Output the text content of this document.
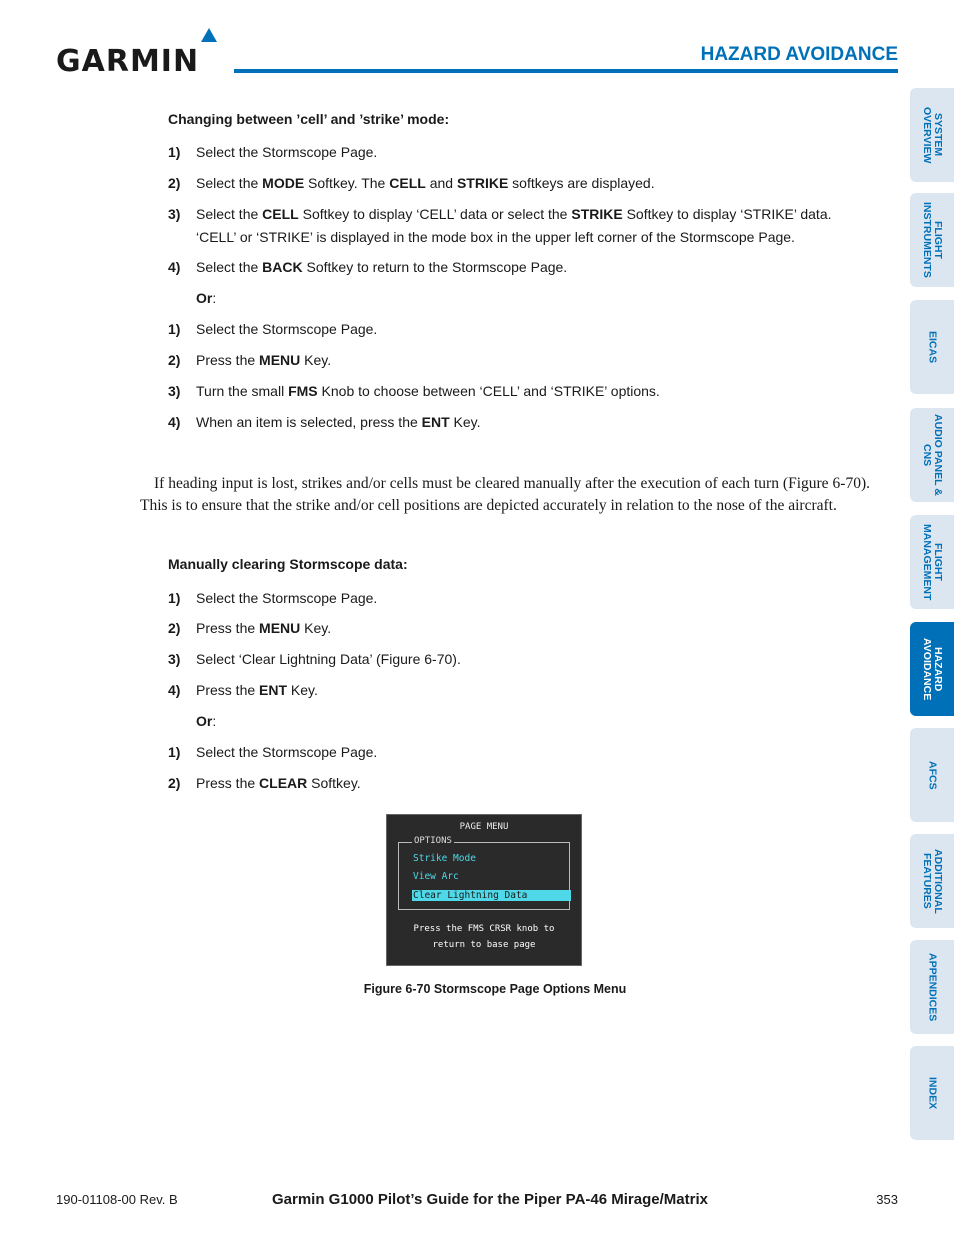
GARMIN	HAZARD AVOIDANCE
SYSTEM OVERVIEW
FLIGHT INSTRUMENTS
EICAS
AUDIO PANEL & CNS
FLIGHT MANAGEMENT
HAZARD AVOIDANCE
AFCS
ADDITIONAL FEATURES
APPENDICES
INDEX
Changing between ’cell’ and ’strike’ mode:
1) Select the Stormscope Page.
2) Select the MODE Softkey. The CELL and STRIKE softkeys are displayed.
3) Select the CELL Softkey to display ‘CELL’ data or select the STRIKE Softkey to display ‘STRIKE’ data. ‘CELL’ or ‘STRIKE’ is displayed in the mode box in the upper left corner of the Stormscope Page.
4) Select the BACK Softkey to return to the Stormscope Page.
Or:
1) Select the Stormscope Page.
2) Press the MENU Key.
3) Turn the small FMS Knob to choose between ‘CELL’ and ‘STRIKE’ options.
4) When an item is selected, press the ENT Key.
If heading input is lost, strikes and/or cells must be cleared manually after the execution of each turn (Figure 6-70). This is to ensure that the strike and/or cell positions are depicted accurately in relation to the nose of the aircraft.
Manually clearing Stormscope data:
1) Select the Stormscope Page.
2) Press the MENU Key.
3) Select ‘Clear Lightning Data’ (Figure 6-70).
4) Press the ENT Key.
Or:
1) Select the Stormscope Page.
2) Press the CLEAR Softkey.
PAGE MENU
Strike Mode
View Arc
Clear Lightning Data
OPTIONS
Press the FMS CRSR knob to
return to base page
Figure 6-70 Stormscope Page Options Menu
190-01108-00 Rev. B	Garmin G1000 Pilot’s Guide for the Piper PA-46 Mirage/Matrix	353
